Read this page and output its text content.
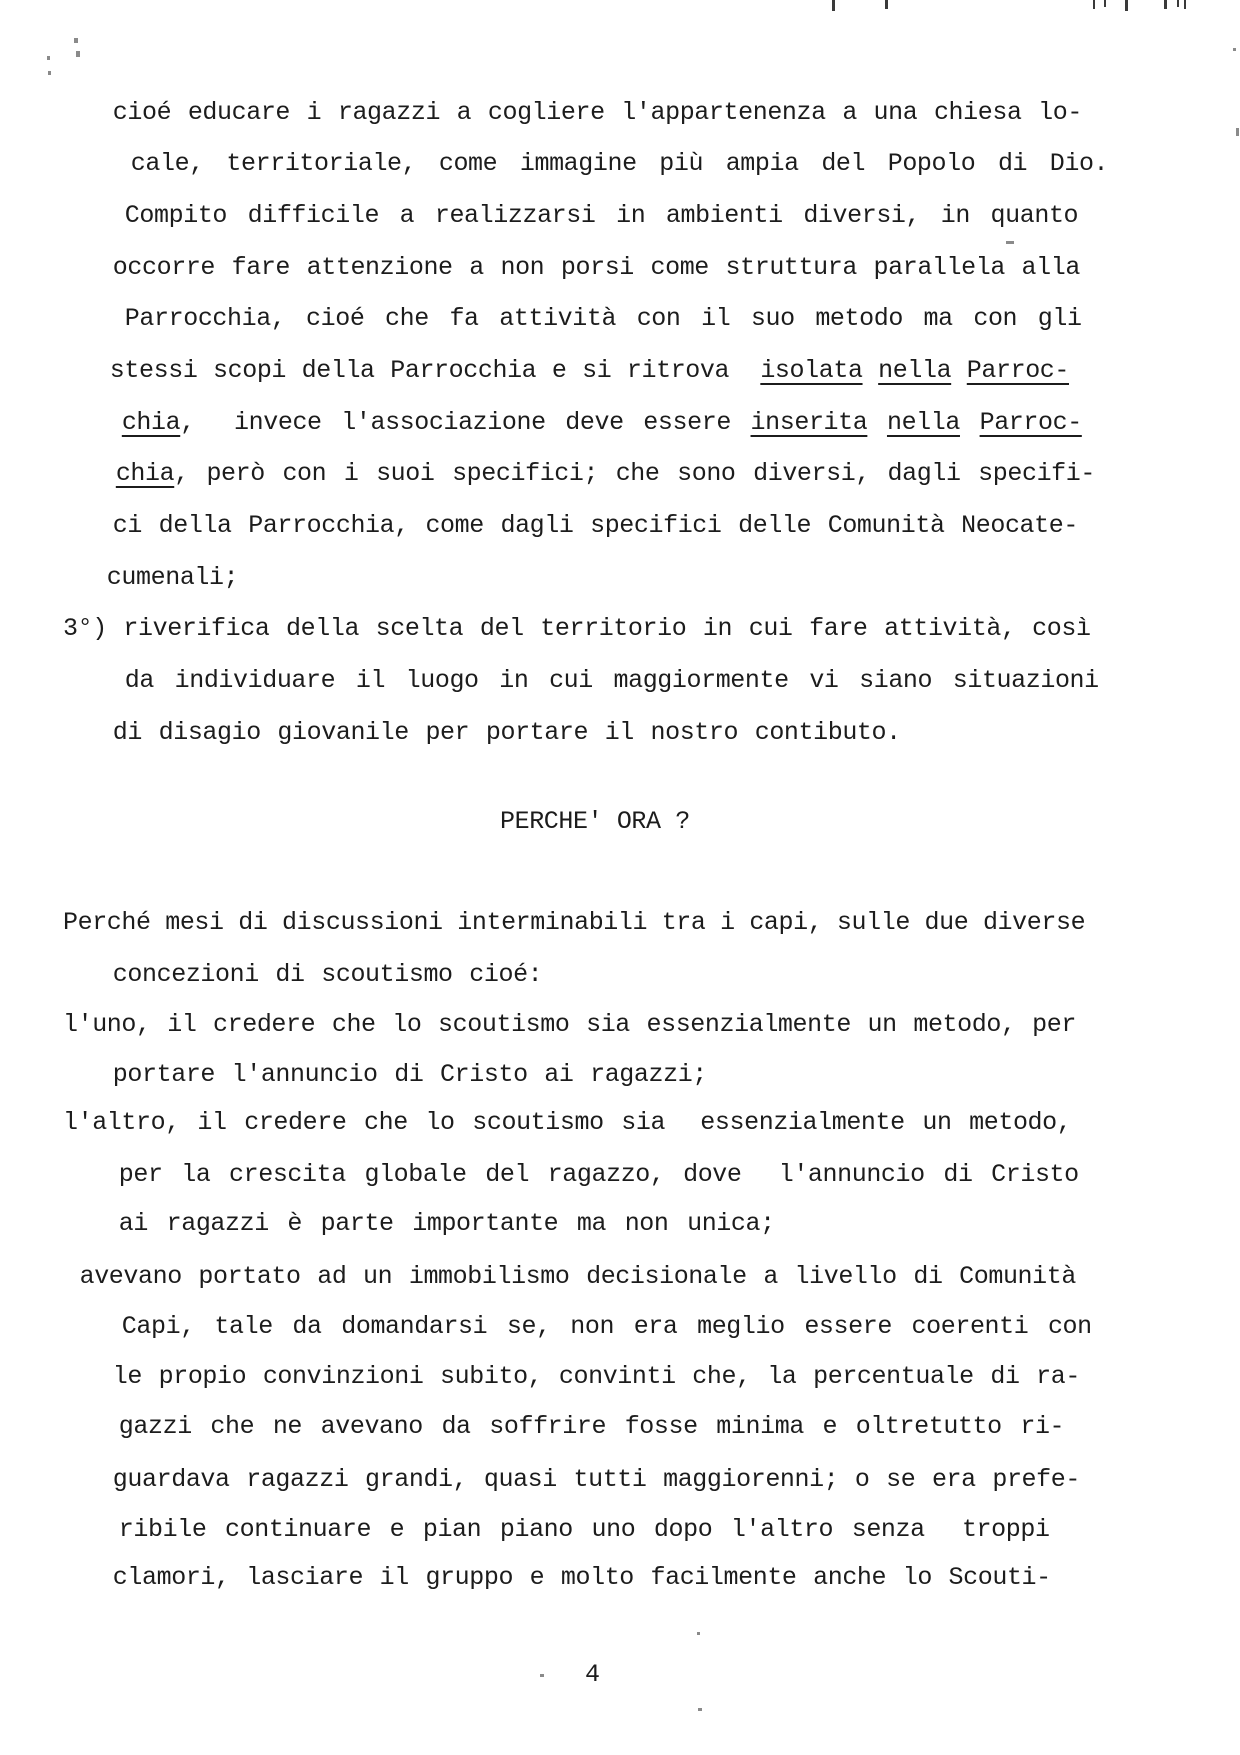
cioé educare i ragazzi a cogliere l'appartenenza a una chiesa lo-
cale, territoriale, come immagine più ampia del Popolo di Dio.
Compito difficile a realizzarsi in ambienti diversi, in quanto
occorre fare attenzione a non porsi come struttura parallela alla
Parrocchia, cioé che fa attività con il suo metodo ma con gli
stessi scopi della Parrocchia e si ritrova  isolata nella Parroc-
chia,  invece l'associazione deve essere inserita nella Parroc-
chia, però con i suoi specifici; che sono diversi, dagli specifi-
ci della Parrocchia, come dagli specifici delle Comunità Neocate-
cumenali;
3°) riverifica della scelta del territorio in cui fare attività, così
da individuare il luogo in cui maggiormente vi siano situazioni
di disagio giovanile per portare il nostro contibuto.
PERCHE' ORA ?
Perché mesi di discussioni interminabili tra i capi, sulle due diverse
concezioni di scoutismo cioé:
l'uno, il credere che lo scoutismo sia essenzialmente un metodo, per
portare l'annuncio di Cristo ai ragazzi;
l'altro, il credere che lo scoutismo sia  essenzialmente un metodo,
per la crescita globale del ragazzo, dove  l'annuncio di Cristo
ai ragazzi è parte importante ma non unica;
avevano portato ad un immobilismo decisionale a livello di Comunità
Capi, tale da domandarsi se, non era meglio essere coerenti con
le propio convinzioni subito, convinti che, la percentuale di ra-
gazzi che ne avevano da soffrire fosse minima e oltretutto ri-
guardava ragazzi grandi, quasi tutti maggiorenni; o se era prefe-
ribile continuare e pian piano uno dopo l'altro senza  troppi
clamori, lasciare il gruppo e molto facilmente anche lo Scouti-
4
